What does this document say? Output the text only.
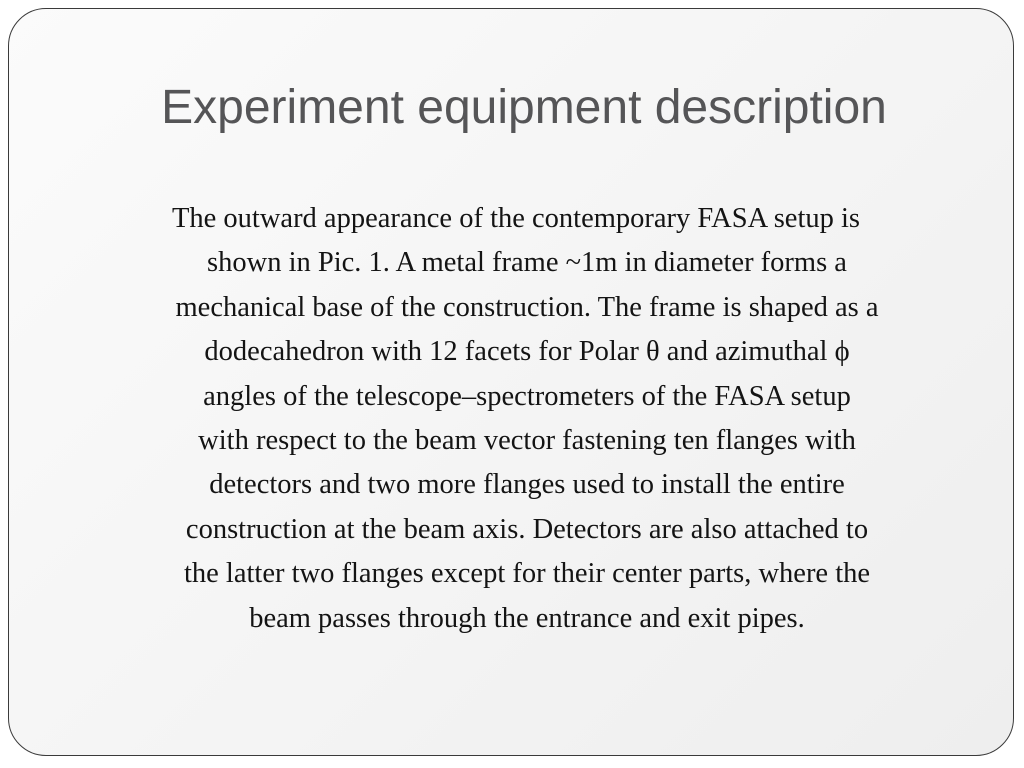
Experiment equipment description

The outward appearance of the contemporary FASA setup is
shown in Pic. 1. A metal frame ~1m in diameter forms a
mechanical base of the construction. The frame is shaped as a
dodecahedron with 12 facets for Polar θ and azimuthal ϕ
angles of the telescope–spectrometers of the FASA setup
with respect to the beam vector fastening ten flanges with
detectors and two more flanges used to install the entire
construction at the beam axis. Detectors are also attached to
the latter two flanges except for their center parts, where the
beam passes through the entrance and exit pipes.
